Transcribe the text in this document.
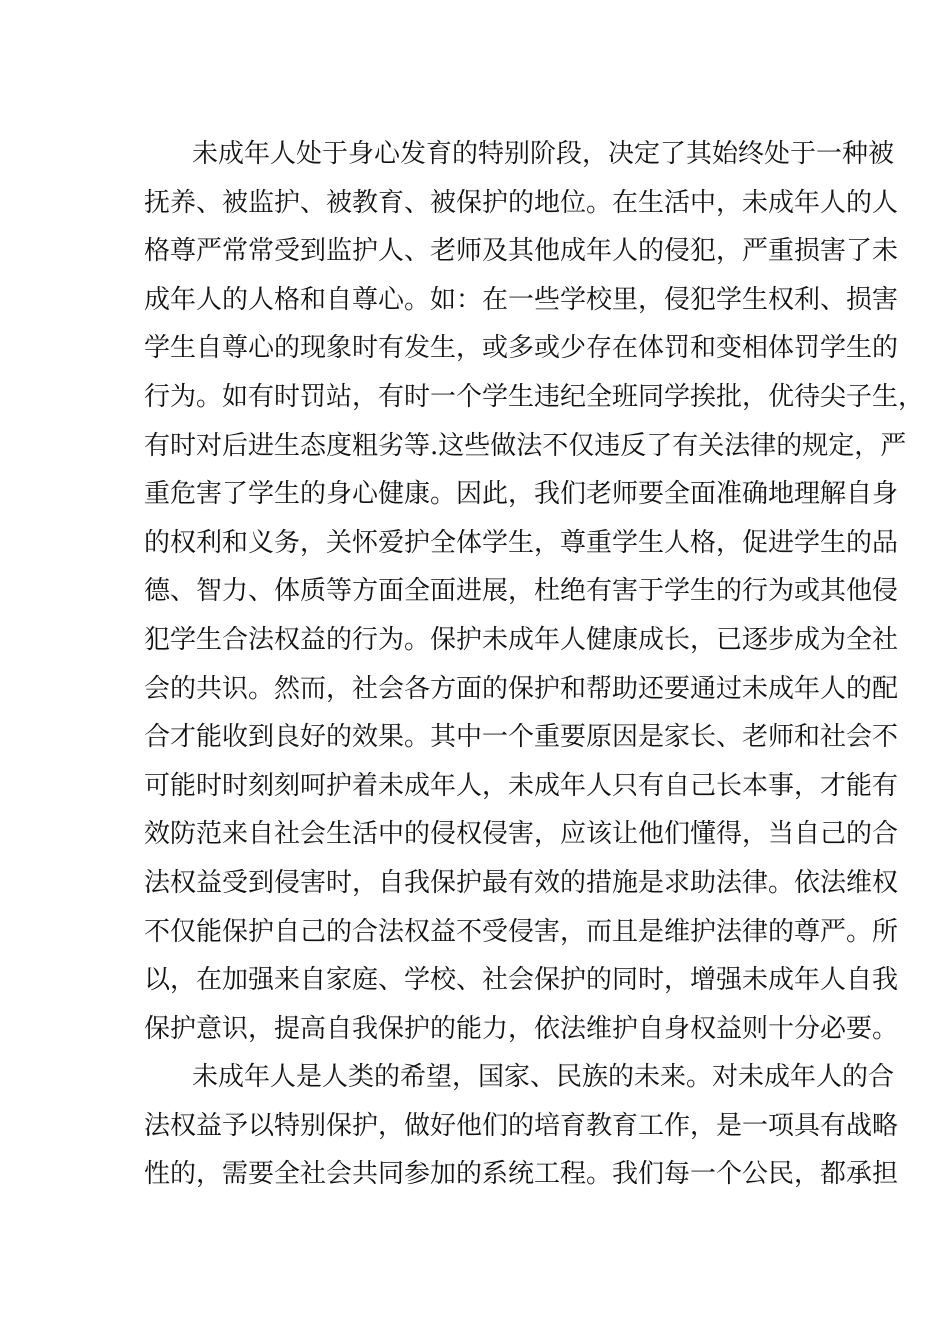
未成年人处于身心发育的特别阶段，决定了其始终处于一种被
抚养、被监护、被教育、被保护的地位。在生活中，未成年人的人
格尊严常常受到监护人、老师及其他成年人的侵犯，严重损害了未
成年人的人格和自尊心。如：在一些学校里，侵犯学生权利、损害
学生自尊心的现象时有发生，或多或少存在体罚和变相体罚学生的
行为。如有时罚站，有时一个学生违纪全班同学挨批，优待尖子生，
有时对后进生态度粗劣等.这些做法不仅违反了有关法律的规定，严
重危害了学生的身心健康。因此，我们老师要全面准确地理解自身
的权利和义务，关怀爱护全体学生，尊重学生人格，促进学生的品
德、智力、体质等方面全面进展，杜绝有害于学生的行为或其他侵
犯学生合法权益的行为。保护未成年人健康成长，已逐步成为全社
会的共识。然而，社会各方面的保护和帮助还要通过未成年人的配
合才能收到良好的效果。其中一个重要原因是家长、老师和社会不
可能时时刻刻呵护着未成年人，未成年人只有自己长本事，才能有
效防范来自社会生活中的侵权侵害，应该让他们懂得，当自己的合
法权益受到侵害时，自我保护最有效的措施是求助法律。依法维权
不仅能保护自己的合法权益不受侵害，而且是维护法律的尊严。所
以，在加强来自家庭、学校、社会保护的同时，增强未成年人自我
保护意识，提高自我保护的能力，依法维护自身权益则十分必要。
未成年人是人类的希望，国家、民族的未来。对未成年人的合
法权益予以特别保护，做好他们的培育教育工作，是一项具有战略
性的，需要全社会共同参加的系统工程。我们每一个公民，都承担
